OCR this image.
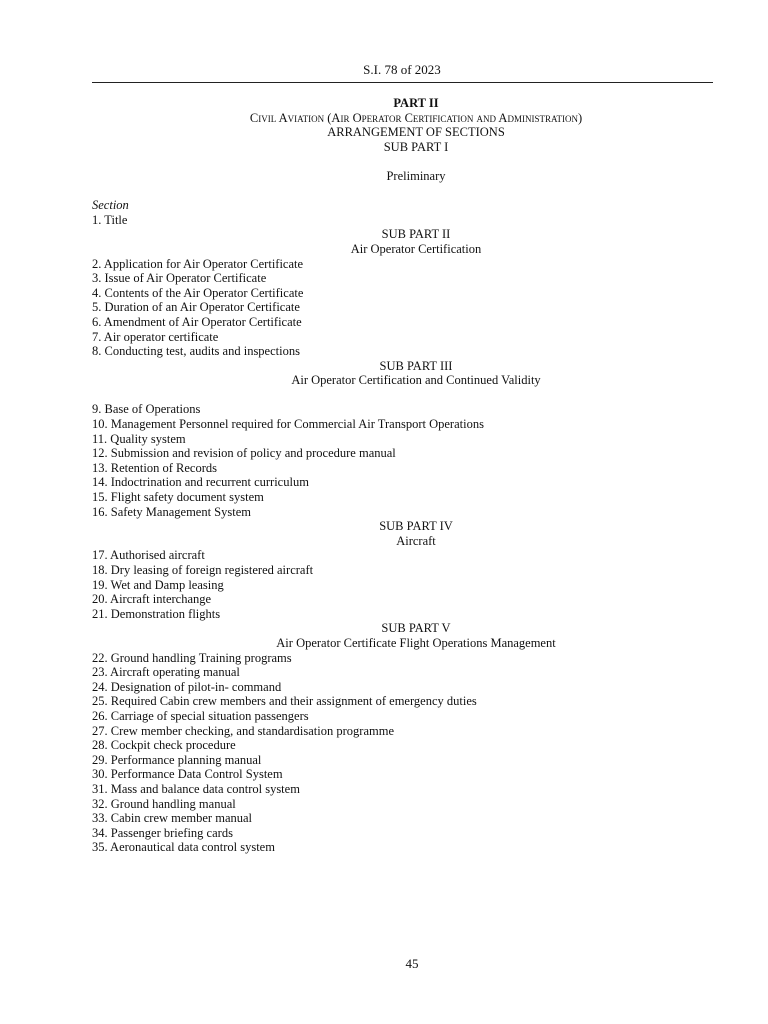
S.I. 78 of 2023
PART II
Civil Aviation (Air Operator Certification and Administration)
ARRANGEMENT OF SECTIONS
SUB PART I
Preliminary
Section
1. Title
SUB PART II
Air Operator Certification
2. Application for Air Operator Certificate
3. Issue of Air Operator Certificate
4. Contents of the Air Operator Certificate
5. Duration of an Air Operator Certificate
6. Amendment of Air Operator Certificate
7. Air operator certificate
8. Conducting test, audits and inspections
SUB PART III
Air Operator Certification and Continued Validity
9. Base of Operations
10. Management Personnel required for Commercial Air Transport Operations
11. Quality system
12. Submission and revision of policy and procedure manual
13. Retention of Records
14. Indoctrination and recurrent curriculum
15. Flight safety document system
16. Safety Management System
SUB PART IV
Aircraft
17. Authorised aircraft
18. Dry leasing of foreign registered aircraft
19. Wet and Damp leasing
20. Aircraft interchange
21. Demonstration flights
SUB PART V
Air Operator Certificate Flight Operations Management
22. Ground handling Training programs
23. Aircraft operating manual
24. Designation of pilot-in- command
25. Required Cabin crew members and their assignment of emergency duties
26. Carriage of special situation passengers
27. Crew member checking, and standardisation programme
28. Cockpit check procedure
29. Performance planning manual
30. Performance Data Control System
31. Mass and balance data control system
32. Ground handling manual
33. Cabin crew member manual
34. Passenger briefing cards
35. Aeronautical data control system
45
